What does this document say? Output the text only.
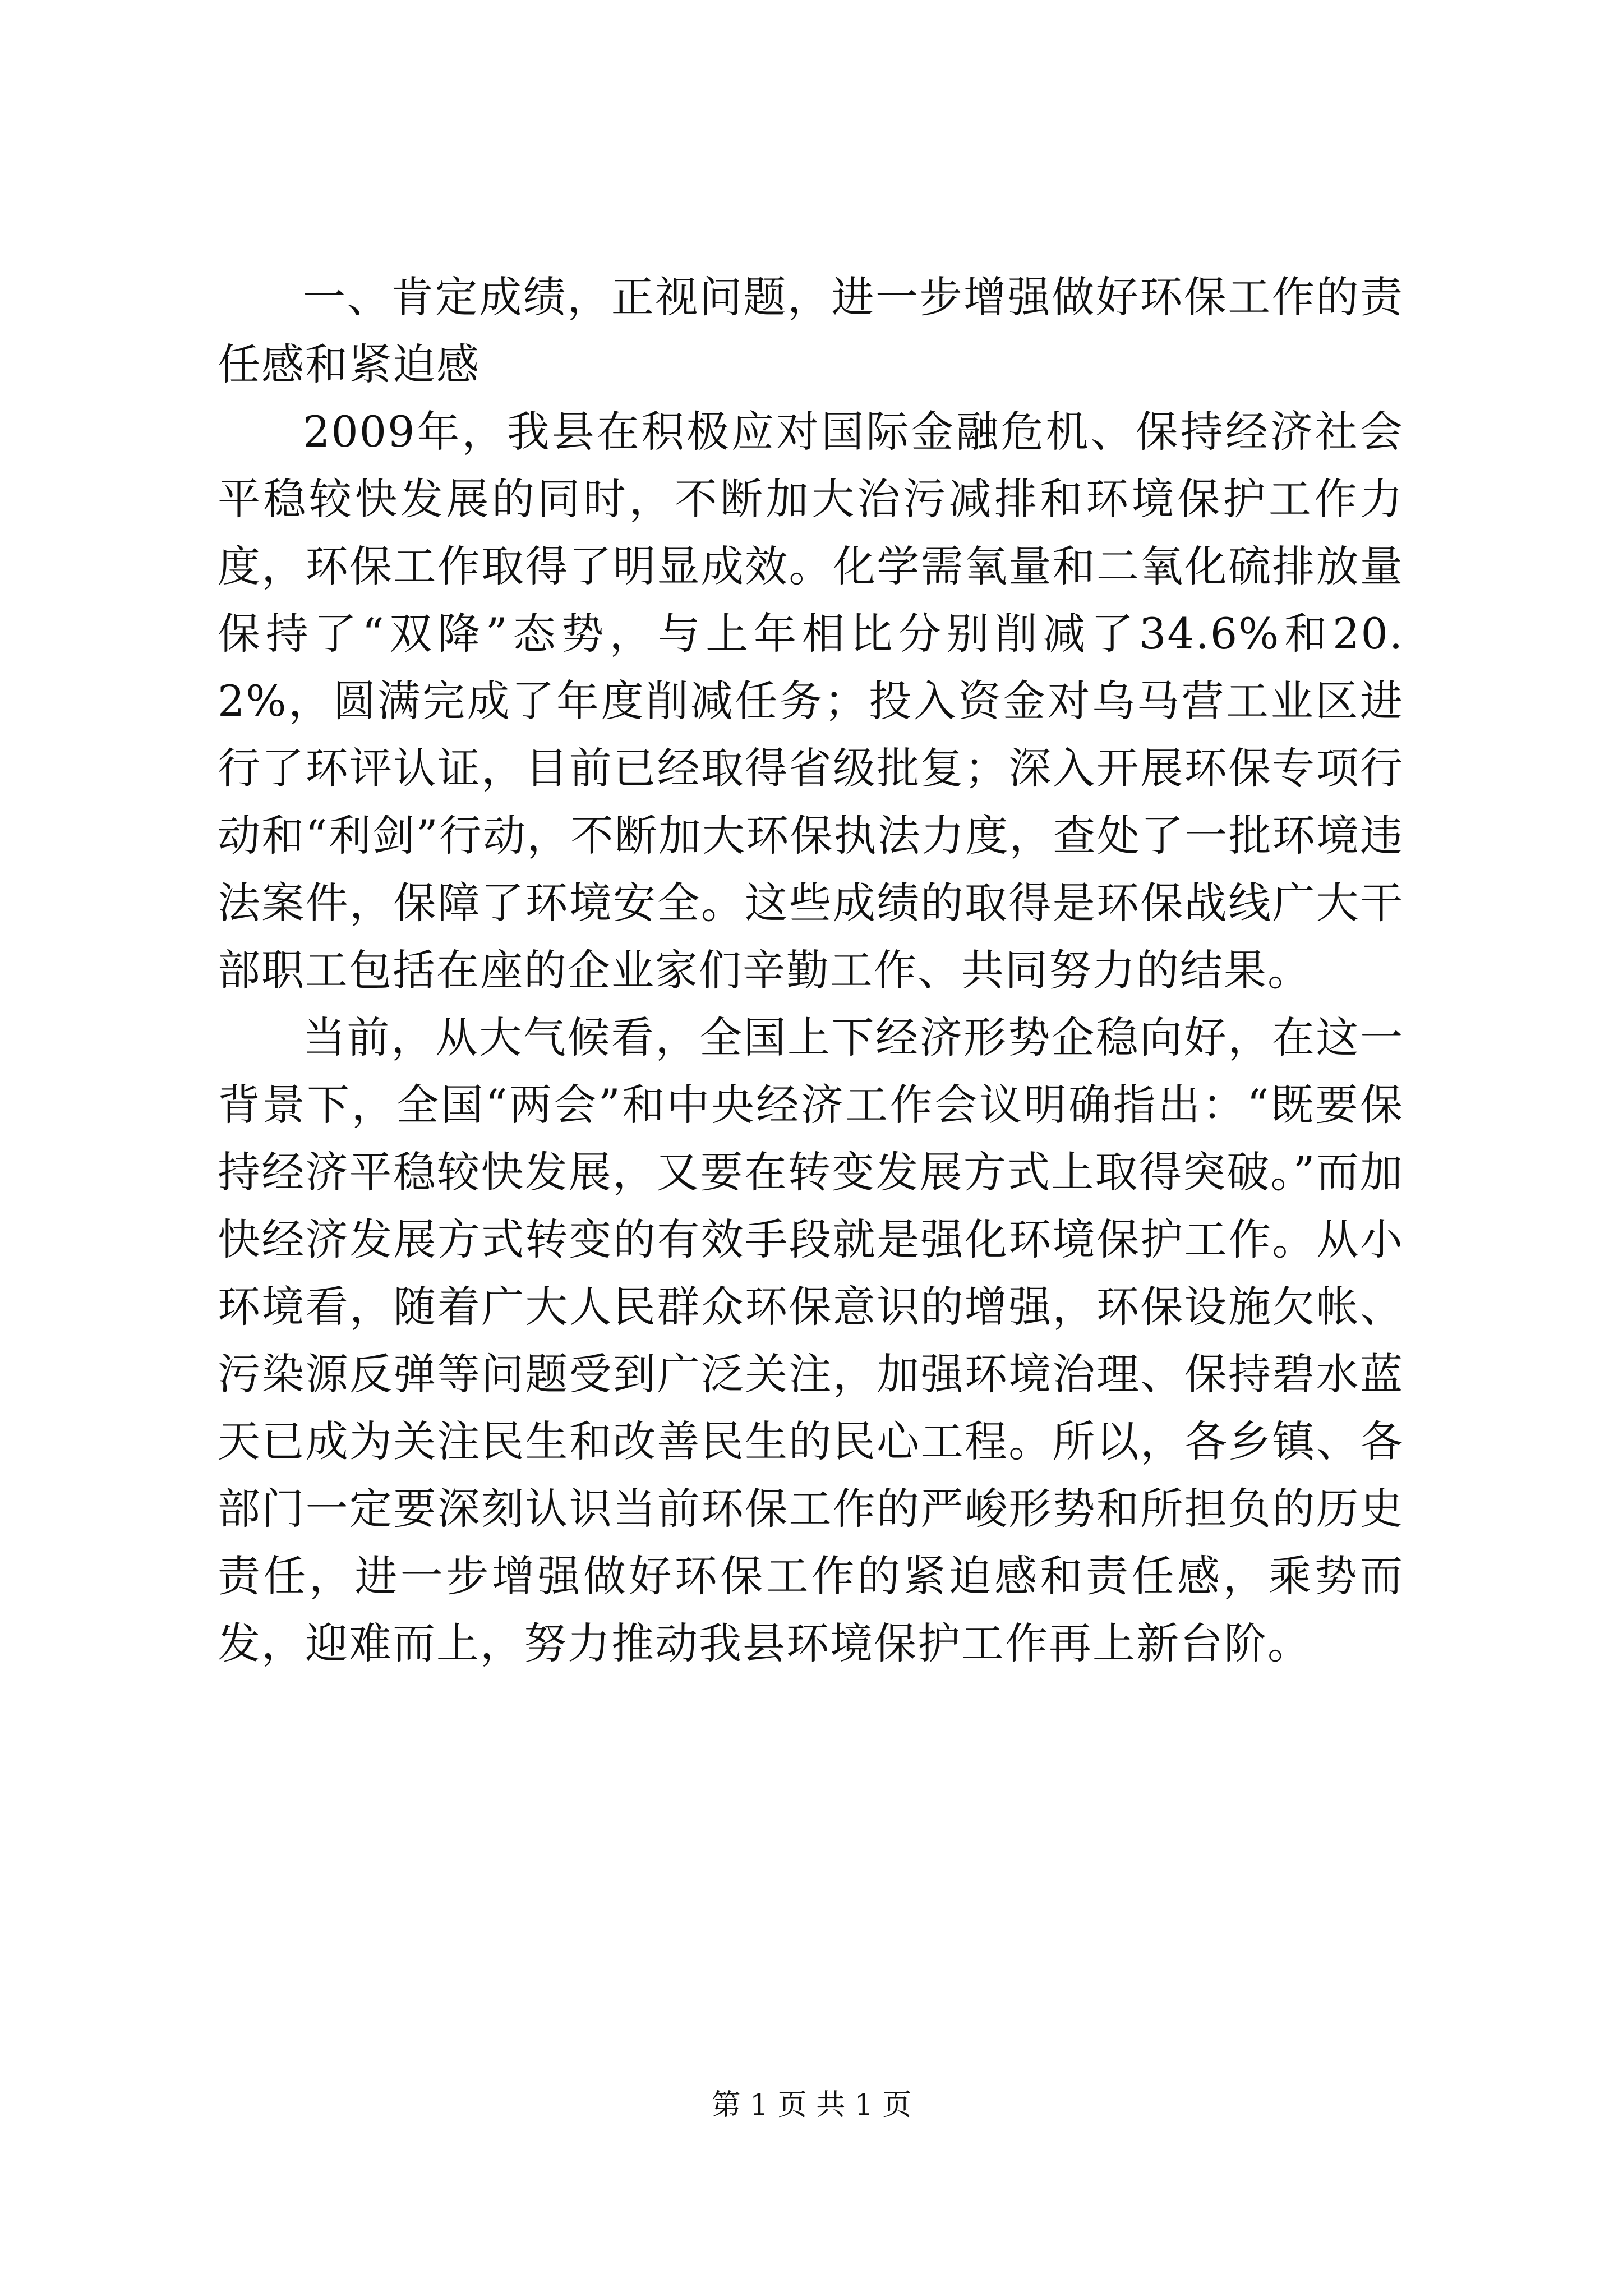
一、肯定成绩，正视问题，进一步增强做好环保工作的责任感和紧迫感

2009年，我县在积极应对国际金融危机、保持经济社会平稳较快发展的同时，不断加大治污减排和环境保护工作力度，环保工作取得了明显成效。化学需氧量和二氧化硫排放量保持了“双降”态势，与上年相比分别削减了34.6%和20.2%，圆满完成了年度削减任务；投入资金对乌马营工业区进行了环评认证，目前已经取得省级批复；深入开展环保专项行动和“利剑”行动，不断加大环保执法力度，查处了一批环境违法案件，保障了环境安全。这些成绩的取得是环保战线广大干部职工包括在座的企业家们辛勤工作、共同努力的结果。

当前，从大气候看，全国上下经济形势企稳向好，在这一背景下，全国“两会”和中央经济工作会议明确指出：“既要保持经济平稳较快发展，又要在转变发展方式上取得突破。”而加快经济发展方式转变的有效手段就是强化环境保护工作。从小环境看，随着广大人民群众环保意识的增强，环保设施欠帐、污染源反弹等问题受到广泛关注，加强环境治理、保持碧水蓝天已成为关注民生和改善民生的民心工程。所以，各乡镇、各部门一定要深刻认识当前环保工作的严峻形势和所担负的历史责任，进一步增强做好环保工作的紧迫感和责任感，乘势而发，迎难而上，努力推动我县环境保护工作再上新台阶。

第 1 页 共 1 页
